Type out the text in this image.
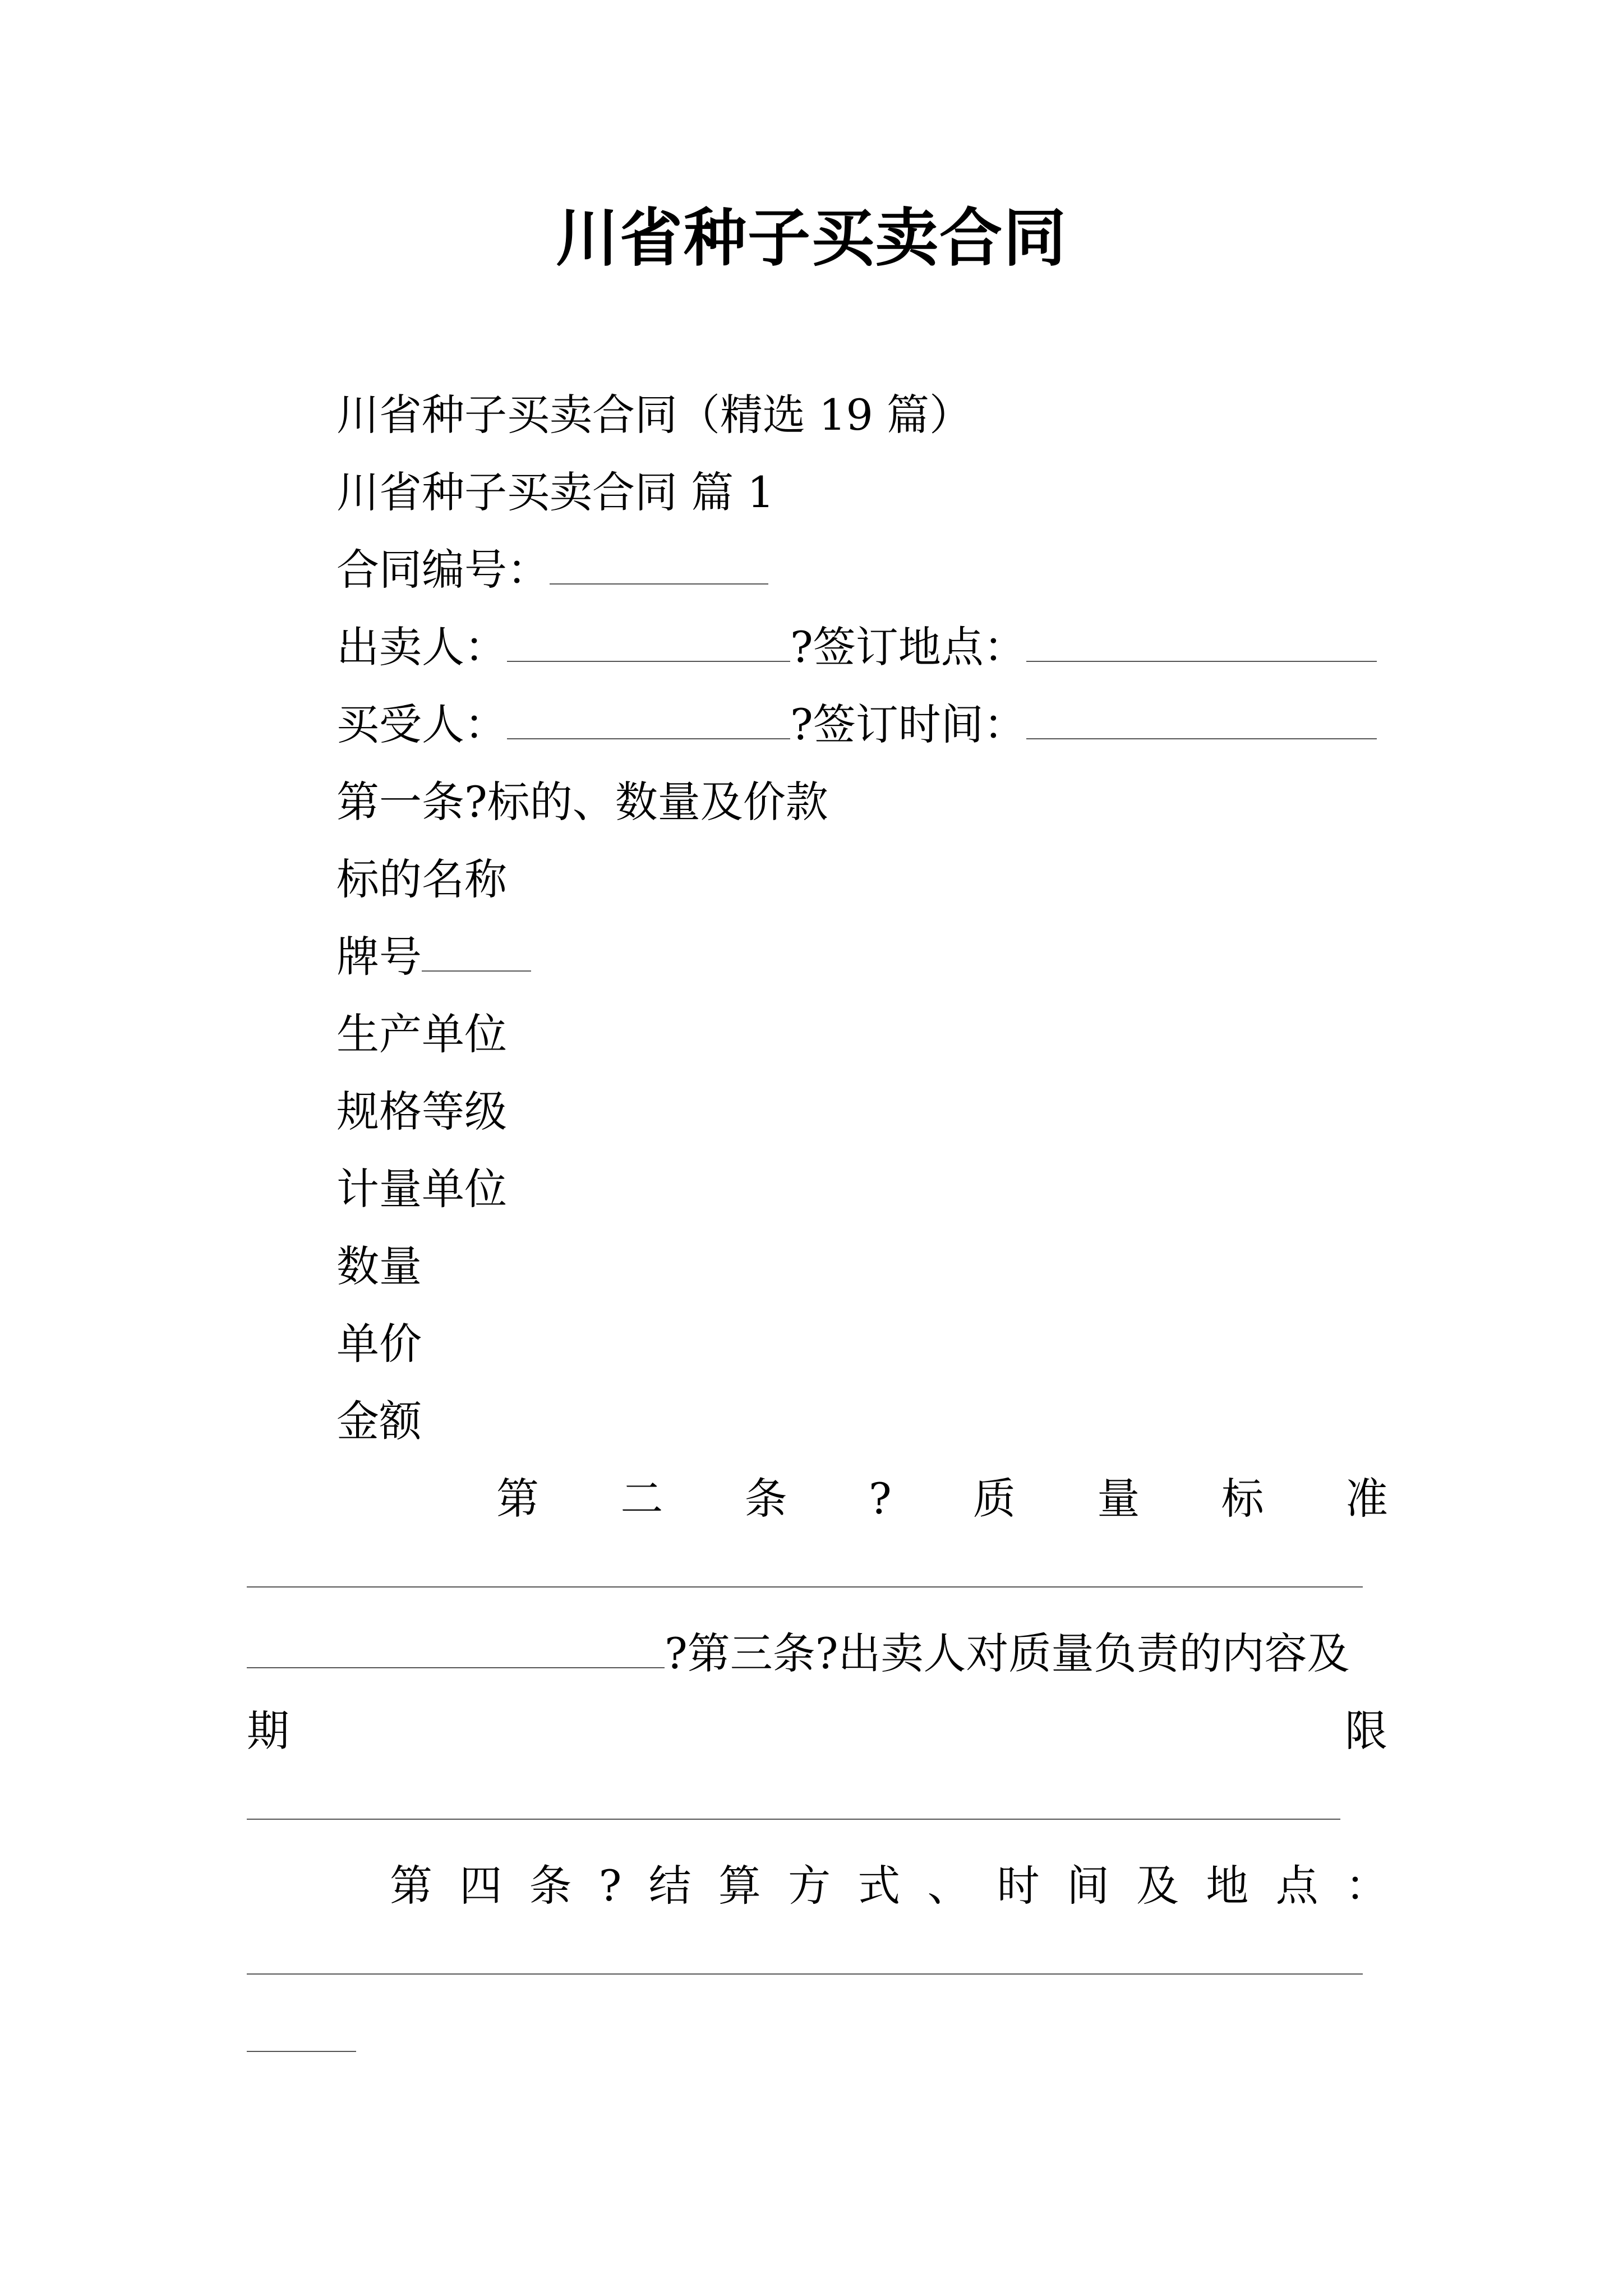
川省种子买卖合同
川省种子买卖合同（精选 19 篇）
川省种子买卖合同 篇 1
合同编号：
出卖人：	?签订地点：
买受人：	?签订时间：
第一条?标的、数量及价款
标的名称
牌号
生产单位
规格等级
计量单位
数量
单价
金额
第 二 条 ? 质 量 标 准
?第三条?出卖人对质量负责的内容及
期	限
第 四 条 ? 结 算 方 式 、 时 间 及 地 点 ：
